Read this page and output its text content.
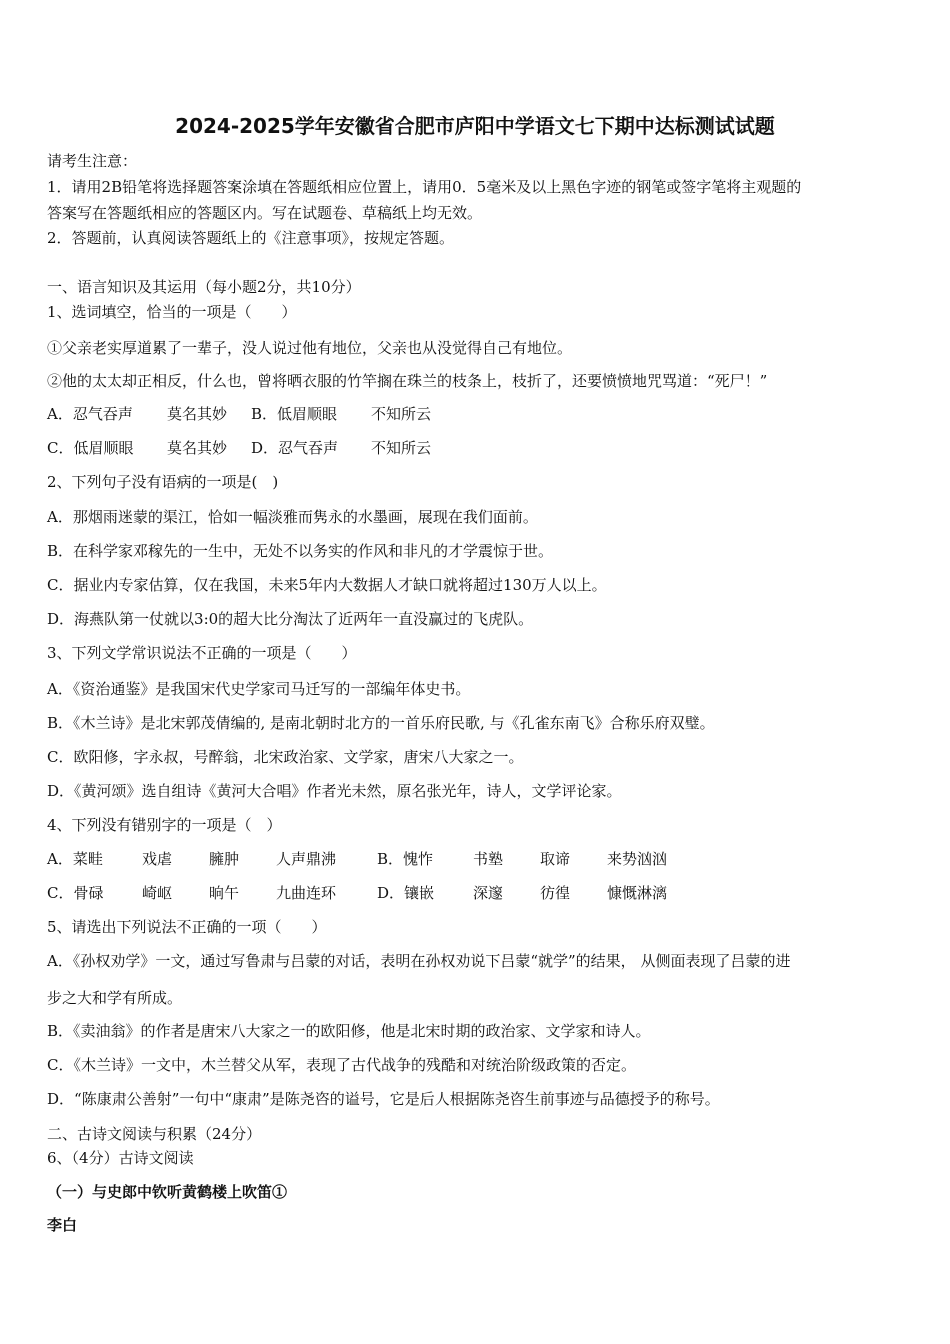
2024-2025学年安徽省合肥市庐阳中学语文七下期中达标测试试题
请考生注意：
1．请用2B铅笔将选择题答案涂填在答题纸相应位置上，请用0．5毫米及以上黑色字迹的钢笔或签字笔将主观题的
答案写在答题纸相应的答题区内。写在试题卷、草稿纸上均无效。
2．答题前，认真阅读答题纸上的《注意事项》，按规定答题。
一、语言知识及其运用（每小题2分，共10分）
1、选词填空，恰当的一项是（　　）
①父亲老实厚道累了一辈子，没人说过他有地位，父亲也从没觉得自己有地位。
②他的太太却正相反，什么也，曾将晒衣服的竹竿搁在珠兰的枝条上，枝折了，还要愤愤地咒骂道：“死尸！”
A．忍气吞声 莫名其妙 B．低眉顺眼 不知所云
C．低眉顺眼 莫名其妙 D．忍气吞声 不知所云
2、下列句子没有语病的一项是(　)
A．那烟雨迷蒙的渠江，恰如一幅淡雅而隽永的水墨画，展现在我们面前。
B．在科学家邓稼先的一生中，无处不以务实的作风和非凡的才学震惊于世。
C．据业内专家估算，仅在我国，未来5年内大数据人才缺口就将超过130万人以上。
D．海燕队第一仗就以3:0的超大比分淘汰了近两年一直没赢过的飞虎队。
3、下列文学常识说法不正确的一项是（　　）
A．《资治通鉴》是我国宋代史学家司马迁写的一部编年体史书。
B．《木兰诗》是北宋郭茂倩编的, 是南北朝时北方的一首乐府民歌, 与《孔雀东南飞》合称乐府双璧。
C．欧阳修，字永叔，号醉翁，北宋政治家、文学家，唐宋八大家之一。
D．《黄河颂》选自组诗《黄河大合唱》作者光未然，原名张光年，诗人，文学评论家。
4、下列没有错别字的一项是（　）
A．菜畦	戏虐 臃肿 人声鼎沸	B．愧怍	书塾 取谛 来势汹汹
C．骨碌	崎岖 晌午 九曲连环	D．镶嵌	深邃 彷徨 慷慨淋漓
5、请选出下列说法不正确的一项（　　）
A．《孙权劝学》一文，通过写鲁肃与吕蒙的对话，表明在孙权劝说下吕蒙“就学”的结果， 从侧面表现了吕蒙的进
步之大和学有所成。
B．《卖油翁》的作者是唐宋八大家之一的欧阳修，他是北宋时期的政治家、文学家和诗人。
C．《木兰诗》一文中，木兰替父从军，表现了古代战争的残酷和对统治阶级政策的否定。
D．“陈康肃公善射”一句中“康肃”是陈尧咨的谥号，它是后人根据陈尧咨生前事迹与品德授予的称号。
二、古诗文阅读与积累（24分）
6、（4分）古诗文阅读
（一）与史郎中钦听黄鹤楼上吹笛①
李白
